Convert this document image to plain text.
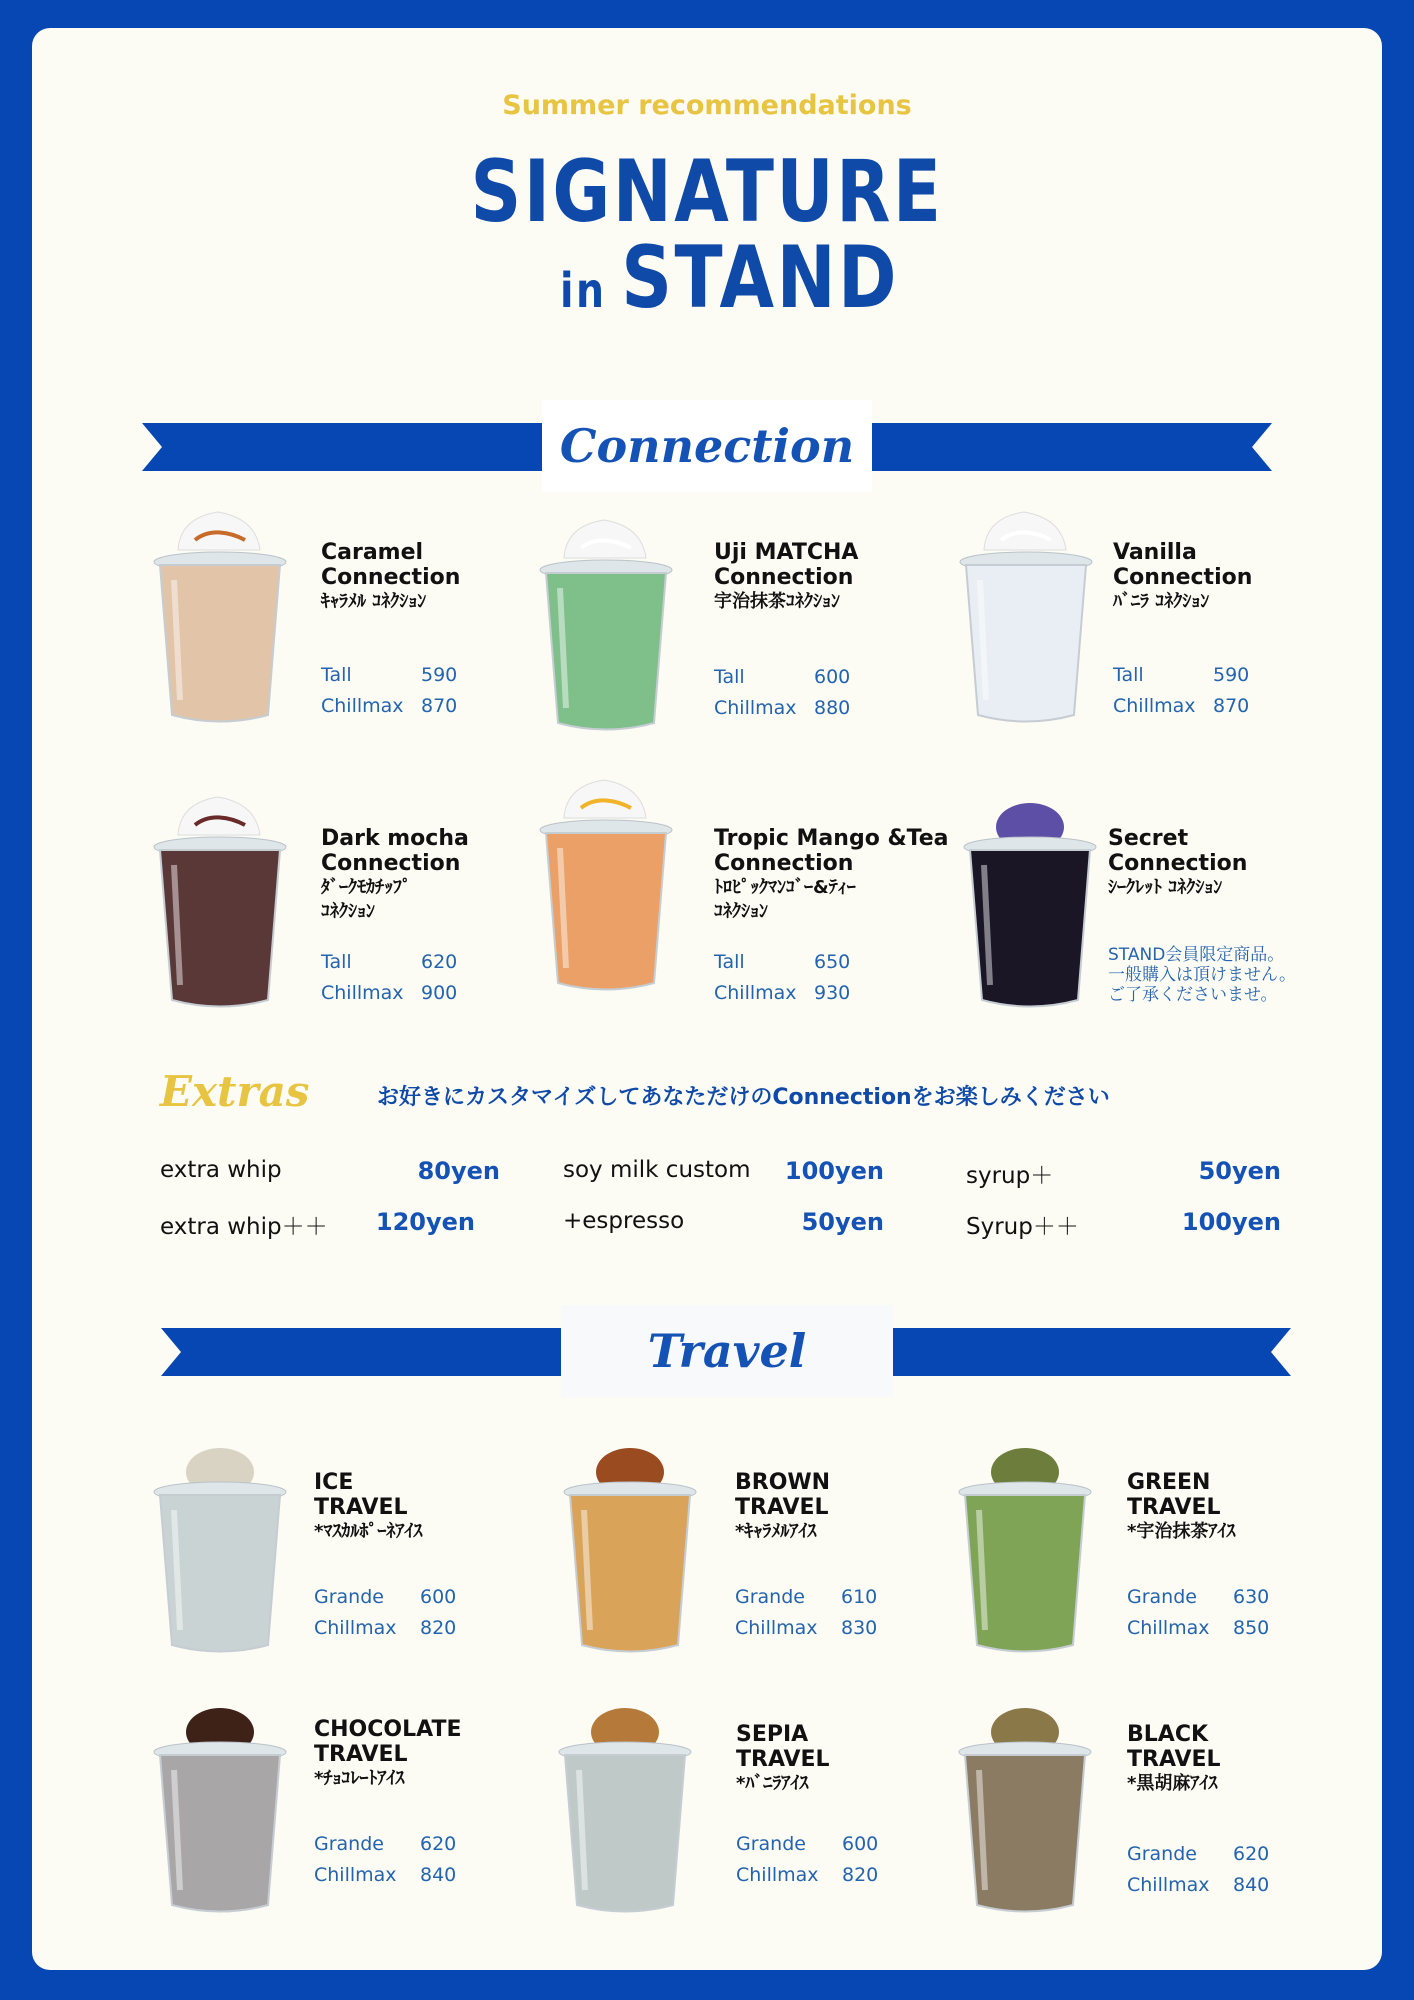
Summer recommendations
SIGNATURE
in STAND
Connection
Caramel
Connection
ｷｬﾗﾒﾙ ｺﾈｸｼｮﾝ
Tall	590
Chillmax 870
Uji MATCHA
Connection
宇治抹茶ｺﾈｸｼｮﾝ
Tall	600
Chillmax 880
Vanilla
Connection
ﾊﾞﾆﾗ ｺﾈｸｼｮﾝ
Tall	590
Chillmax 870
Dark mocha
Connection
ﾀﾞｰｸﾓｶﾁｯﾌﾟ
ｺﾈｸｼｮﾝ
Tall	620
Chillmax 900
Tropic Mango &Tea
Connection
ﾄﾛﾋﾟｯｸﾏﾝｺﾞｰ&ﾃｨｰ
ｺﾈｸｼｮﾝ
Tall	650
Chillmax 930
Secret
Connection
ｼｰｸﾚｯﾄ ｺﾈｸｼｮﾝ
STAND会員限定商品。
一般購入は頂けません。
ご了承くださいませ。
Extras	お好きにカスタマイズしてあなただけのConnectionをお楽しみください
extra whip	80yen	soy milk custom 100yen	syrup＋	50yen
extra whip＋＋ 120yen	+espresso	50yen	Syrup＋＋	100yen
Travel
ICE
TRAVEL
*ﾏｽｶﾙﾎﾟｰﾈｱｲｽ
Grande 600
Chillmax 820
BROWN
TRAVEL
*ｷｬﾗﾒﾙｱｲｽ
Grande 610
Chillmax 830
GREEN
TRAVEL
*宇治抹茶ｱｲｽ
Grande 630
Chillmax 850
CHOCOLATE
TRAVEL
*ﾁｮｺﾚｰﾄｱｲｽ
Grande 620
Chillmax 840
SEPIA
TRAVEL
*ﾊﾞﾆﾗｱｲｽ
Grande 600
Chillmax 820
BLACK
TRAVEL
*黒胡麻ｱｲｽ
Grande 620
Chillmax 840
